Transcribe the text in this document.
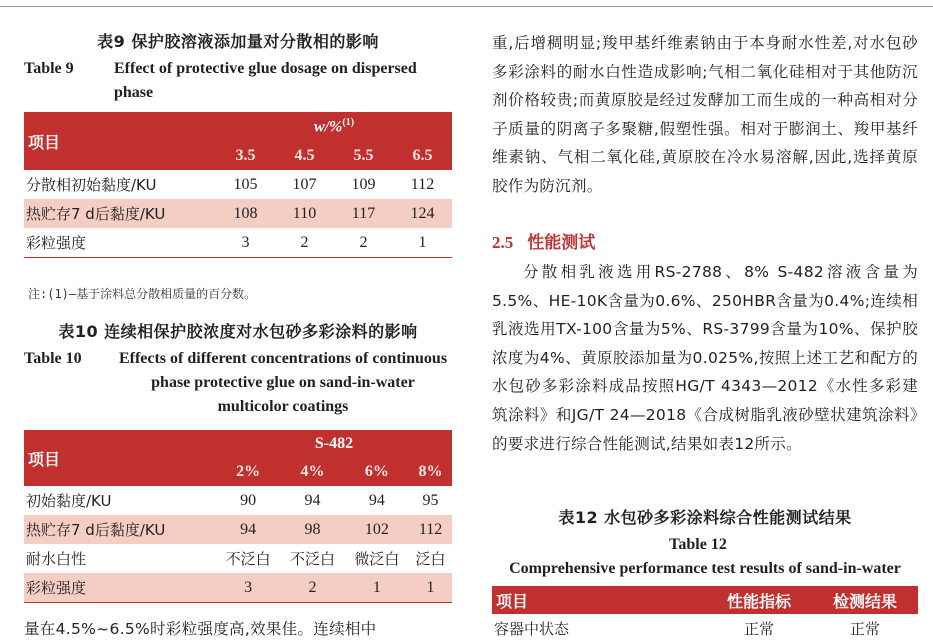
表9 保护胶溶液添加量对分散相的影响
Table 9	Effect of protective glue dosage on dispersed phase
项目	w/%$^{(1)}$
	3.5	4.5	5.5	6.5
分散相初始黏度/KU	105	107	109	112
热贮存7 d后黏度/KU	108	110	117	124
彩粒强度	3	2	2	1
注:(1)—基于涂料总分散相质量的百分数。
表10 连续相保护胶浓度对水包砂多彩涂料的影响
Table 10	Effects of different concentrations of continuous phase protective glue on sand-in-water multicolor coatings
项目	S-482			
	2%	4%	6%	8%
初始黏度/KU	90	94	94	95
热贮存7 d后黏度/KU	94	98	102	112
耐水白性	不泛白	不泛白	微泛白	泛白
彩粒强度	3	2	1	1
量在4.5%~6.5%时彩粒强度高,效果佳。连续相中
重,后增稠明显;羧甲基纤维素钠由于本身耐水性差,对水包砂多彩涂料的耐水白性造成影响;气相二氧化硅相对于其他防沉剂价格较贵;而黄原胶是经过发酵加工而生成的一种高相对分子质量的阴离子多聚糖,假塑性强。相对于膨润土、羧甲基纤维素钠、气相二氧化硅,黄原胶在冷水易溶解,因此,选择黄原胶作为防沉剂。
2.5 性能测试
分散相乳液选用RS-2788、8% S-482溶液含量为5.5%、HE-10K含量为0.6%、250HBR含量为0.4%;连续相乳液选用TX-100含量为5%、RS-3799含量为10%、保护胶浓度为4%、黄原胶添加量为0.025%,按照上述工艺和配方的水包砂多彩涂料成品按照HG/T 4343—2012《水性多彩建筑涂料》和JG/T 24—2018《合成树脂乳液砂壁状建筑涂料》的要求进行综合性能测试,结果如表12所示。
表12 水包砂多彩涂料综合性能测试结果
Table 12
Comprehensive performance test results of sand-in-water multicolor paint
项目	性能指标	检测结果
容器中状态	正常	正常
